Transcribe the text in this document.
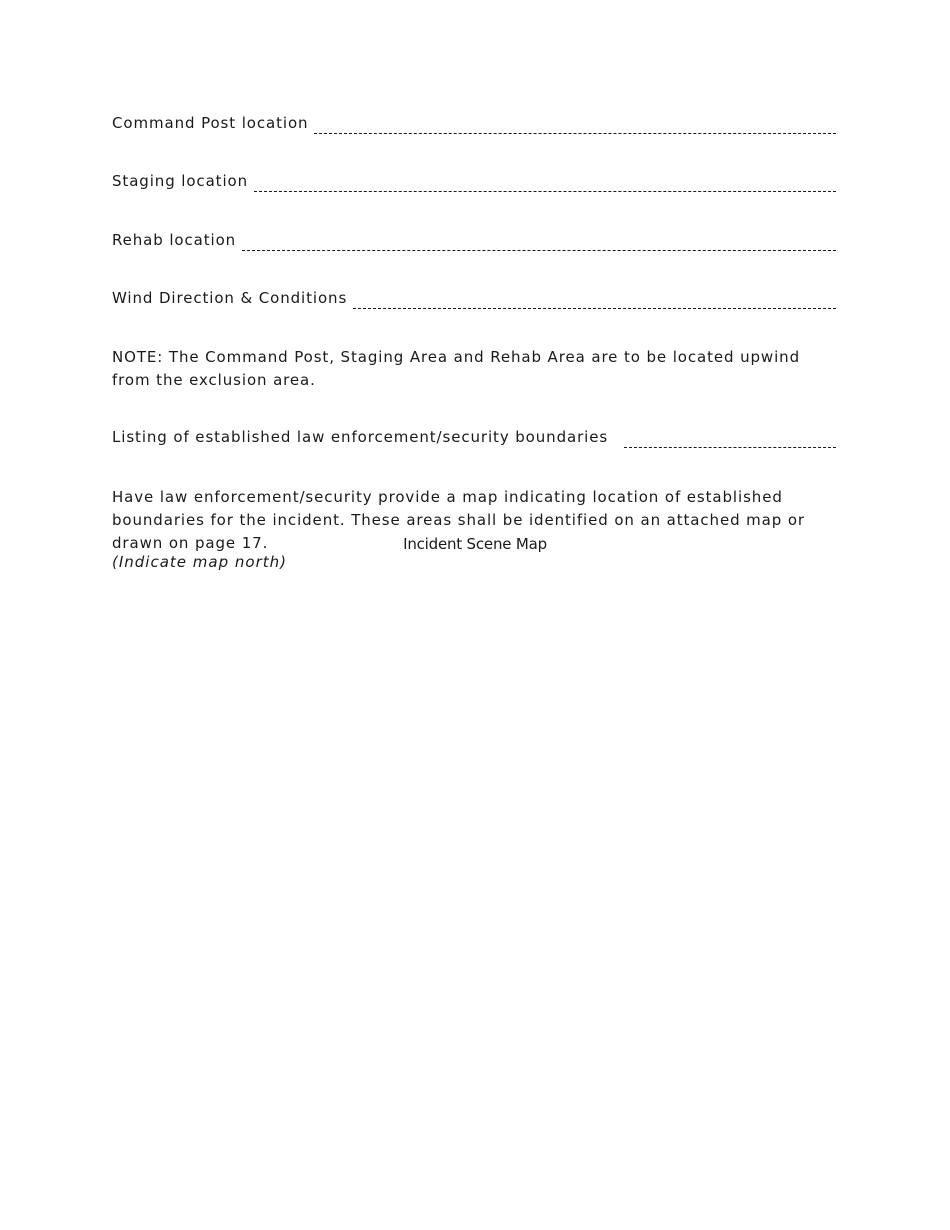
Command Post location
Staging location
Rehab location
Wind Direction & Conditions
NOTE: The Command Post, Staging Area and Rehab Area are to be located upwind from the exclusion area.
Listing of established law enforcement/security boundaries
Have law enforcement/security provide a map indicating location of established boundaries for the incident. These areas shall be identified on an attached map or drawn on page 17.	Incident Scene Map
(Indicate map north)
